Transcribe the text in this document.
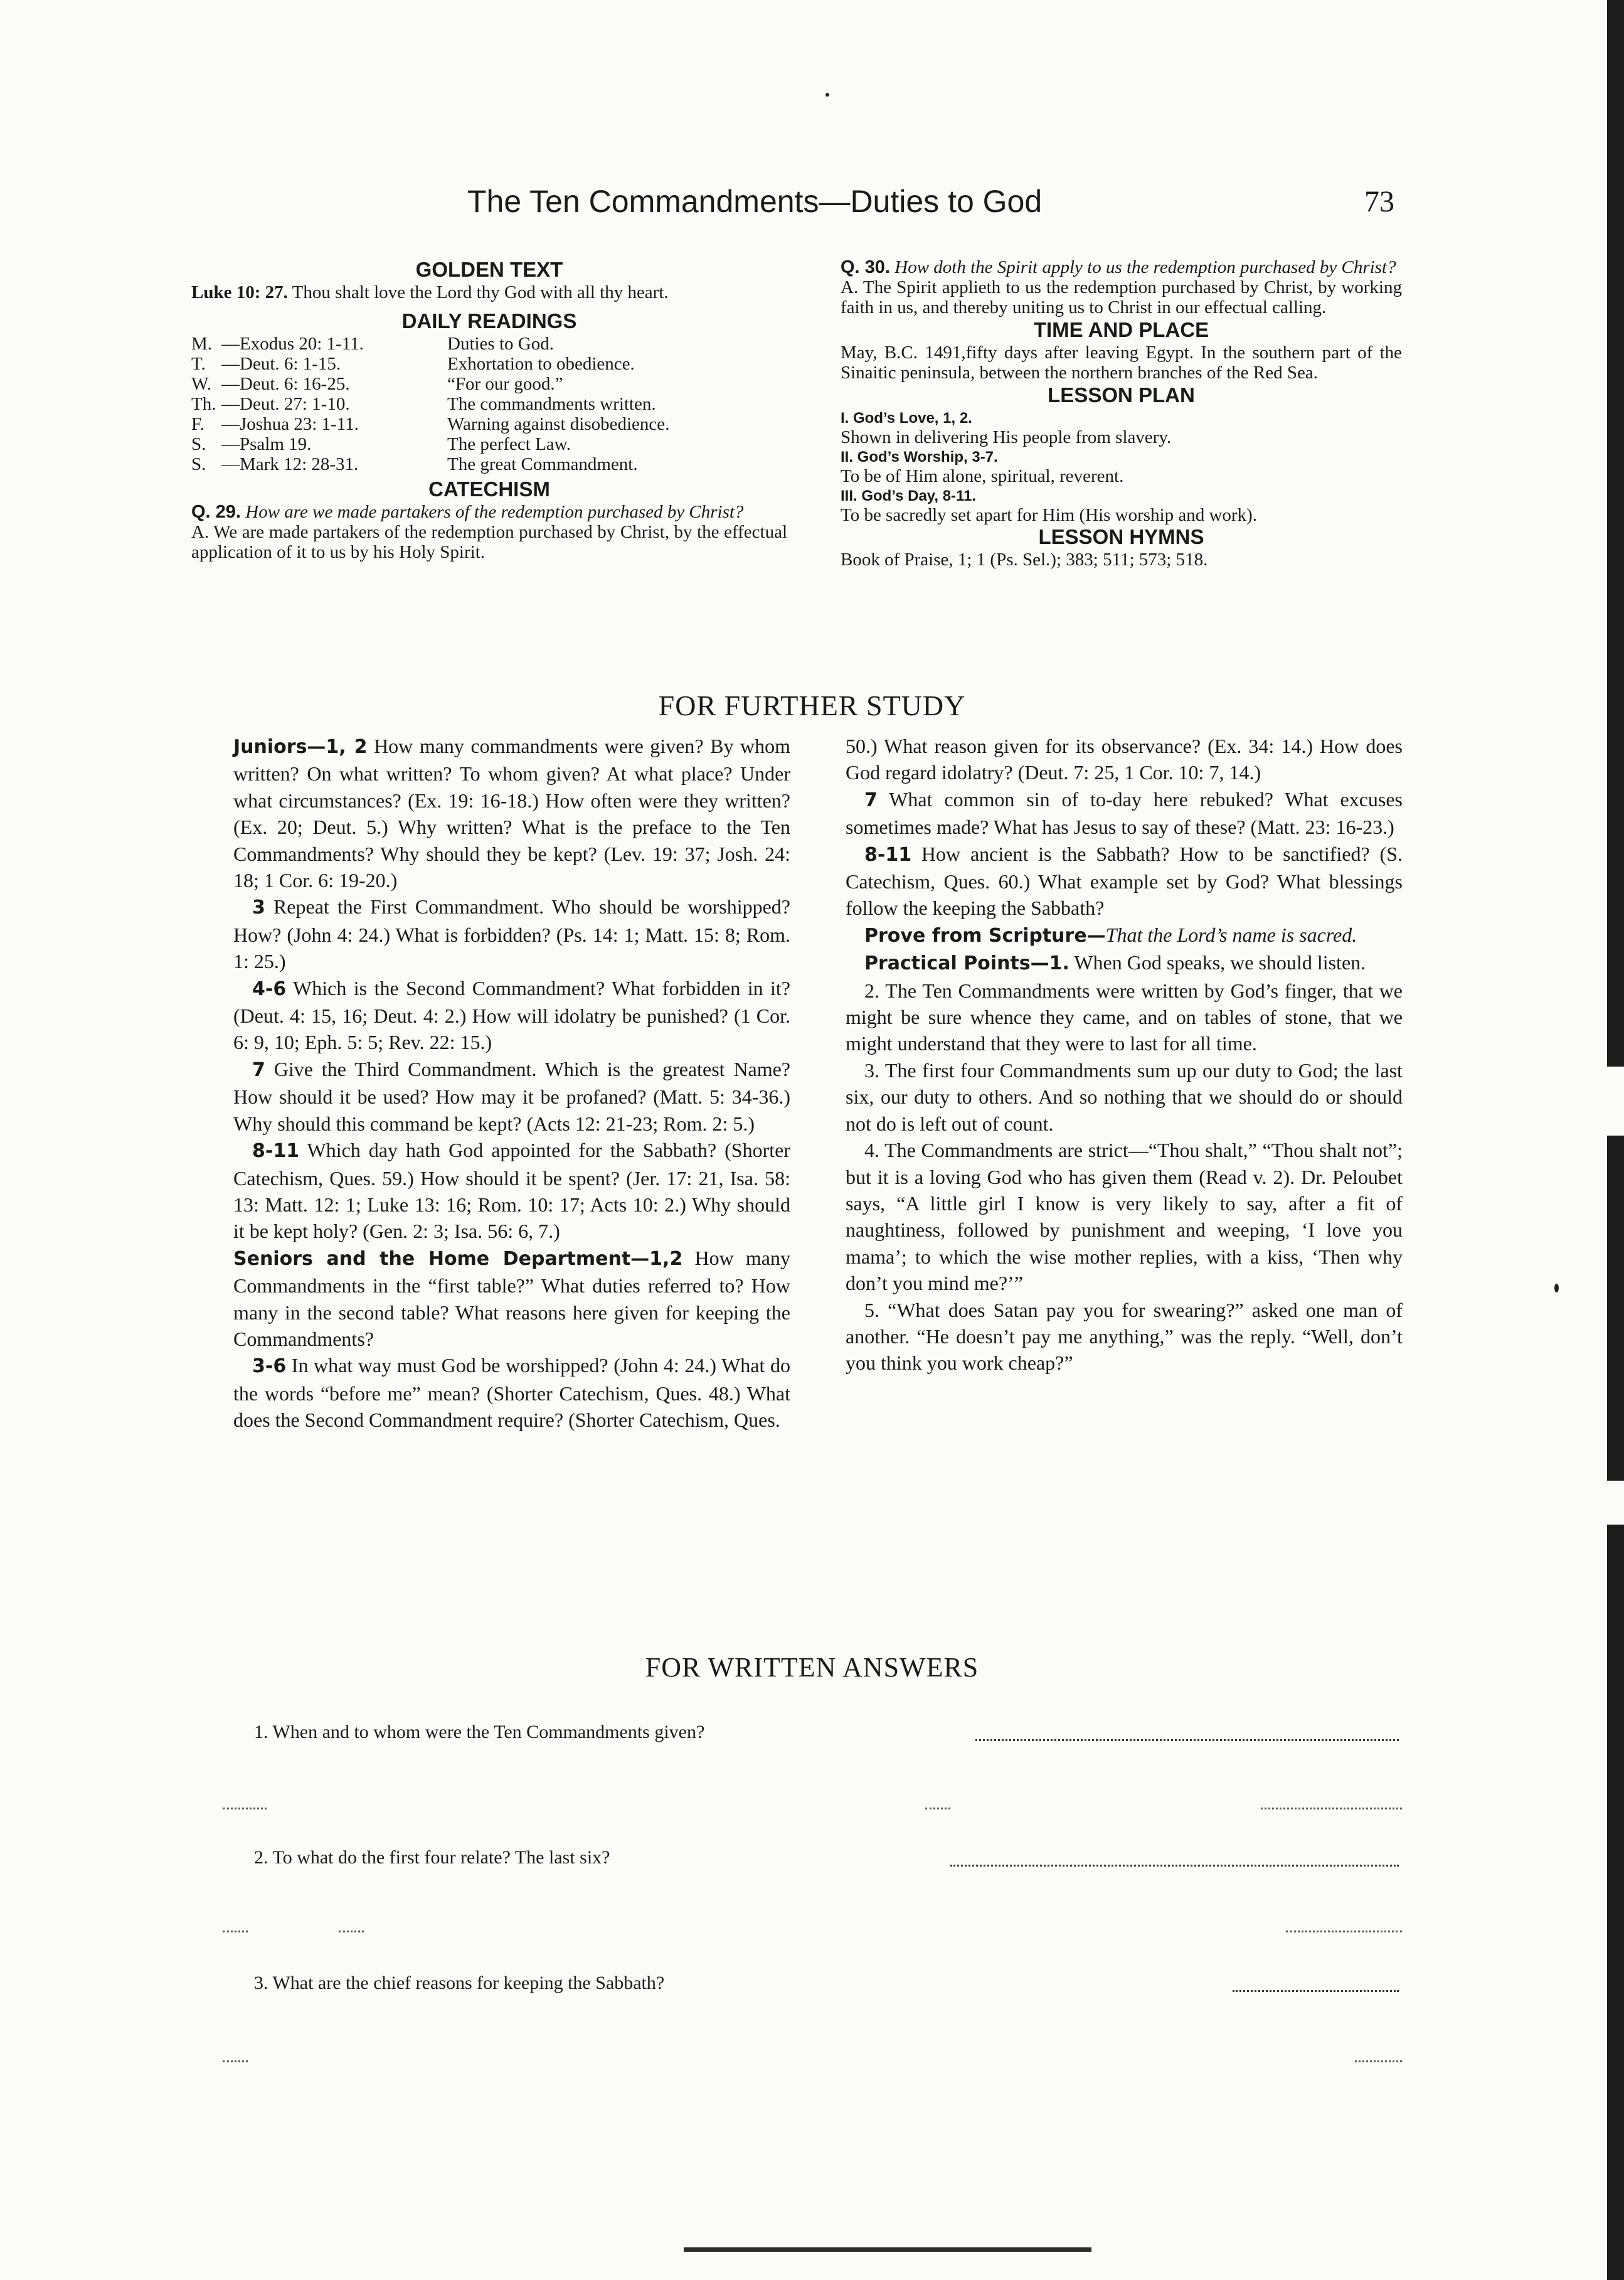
The Ten Commandments—Duties to God	73
GOLDEN TEXT

Luke 10: 27. Thou shalt love the Lord thy God with all thy heart.

DAILY READINGS
M. —Exodus 20: 1-11.	Duties to God.
T. —Deut. 6: 1-15.	Exhortation to obedience.
W. —Deut. 6: 16-25.	“For our good.”
Th. —Deut. 27: 1-10.	The commandments written.
F. —Joshua 23: 1-11.	Warning against disobedience.
S. —Psalm 19.	The perfect Law.
S. —Mark 12: 28-31.	The great Commandment.
CATECHISM

Q. 29. How are we made partakers of the redemption purchased by Christ?

A. We are made partakers of the redemption purchased by Christ, by the effectual application of it to us by his Holy Spirit.

Q. 30. How doth the Spirit apply to us the redemption purchased by Christ?

A. The Spirit applieth to us the redemption purchased by Christ, by working faith in us, and thereby uniting us to Christ in our effectual calling.

TIME AND PLACE

May, B.C. 1491,fifty days after leaving Egypt. In the southern part of the Sinaitic peninsula, between the northern branches of the Red Sea.

LESSON PLAN

I. God’s Love, 1, 2.
Shown in delivering His people from slavery.

II. God’s Worship, 3-7.
To be of Him alone, spiritual, reverent.

III. God’s Day, 8-11.
To be sacredly set apart for Him (His worship and work).

LESSON HYMNS

Book of Praise, 1; 1 (Ps. Sel.); 383; 511; 573; 518.

FOR FURTHER STUDY

Juniors—1, 2 How many commandments were given? By whom written? On what written? To whom given? At what place? Under what circumstances? (Ex. 19: 16-18.) How often were they written? (Ex. 20; Deut. 5.) Why written? What is the preface to the Ten Commandments? Why should they be kept? (Lev. 19: 37; Josh. 24: 18; 1 Cor. 6: 19-20.)

3 Repeat the First Commandment. Who should be worshipped? How? (John 4: 24.) What is forbidden? (Ps. 14: 1; Matt. 15: 8; Rom. 1: 25.)

4-6 Which is the Second Commandment? What forbidden in it? (Deut. 4: 15, 16; Deut. 4: 2.) How will idolatry be punished? (1 Cor. 6: 9, 10; Eph. 5: 5; Rev. 22: 15.)

7 Give the Third Commandment. Which is the greatest Name? How should it be used? How may it be profaned? (Matt. 5: 34-36.) Why should this command be kept? (Acts 12: 21-23; Rom. 2: 5.)

8-11 Which day hath God appointed for the Sabbath? (Shorter Catechism, Ques. 59.) How should it be spent? (Jer. 17: 21, Isa. 58: 13: Matt. 12: 1; Luke 13: 16; Rom. 10: 17; Acts 10: 2.) Why should it be kept holy? (Gen. 2: 3; Isa. 56: 6, 7.)

Seniors and the Home Department—1,2 How many Commandments in the “first table?” What duties referred to? How many in the second table? What reasons here given for keeping the Commandments?

3-6 In what way must God be worshipped? (John 4: 24.) What do the words “before me” mean? (Shorter Catechism, Ques. 48.) What does the Second Commandment require? (Shorter Catechism, Ques.

50.) What reason given for its observance? (Ex. 34: 14.) How does God regard idolatry? (Deut. 7: 25, 1 Cor. 10: 7, 14.)

7 What common sin of to-day here rebuked? What excuses sometimes made? What has Jesus to say of these? (Matt. 23: 16-23.)

8-11 How ancient is the Sabbath? How to be sanctified? (S. Catechism, Ques. 60.) What example set by God? What blessings follow the keeping the Sabbath?

Prove from Scripture—That the Lord’s name is sacred.

Practical Points—1. When God speaks, we should listen.

2. The Ten Commandments were written by God’s finger, that we might be sure whence they came, and on tables of stone, that we might understand that they were to last for all time.

3. The first four Commandments sum up our duty to God; the last six, our duty to others. And so nothing that we should do or should not do is left out of count.

4. The Commandments are strict—“Thou shalt,” “Thou shalt not”; but it is a loving God who has given them (Read v. 2). Dr. Peloubet says, “A little girl I know is very likely to say, after a fit of naughtiness, followed by punishment and weeping, ‘I love you mama’; to which the wise mother replies, with a kiss, ‘Then why don’t you mind me?’”

5. “What does Satan pay you for swearing?” asked one man of another. “He doesn’t pay me anything,” was the reply. “Well, don’t you think you work cheap?”

FOR WRITTEN ANSWERS
1. When and to whom were the Ten Commandments given?
2. To what do the first four relate? The last six?
3. What are the chief reasons for keeping the Sabbath?
